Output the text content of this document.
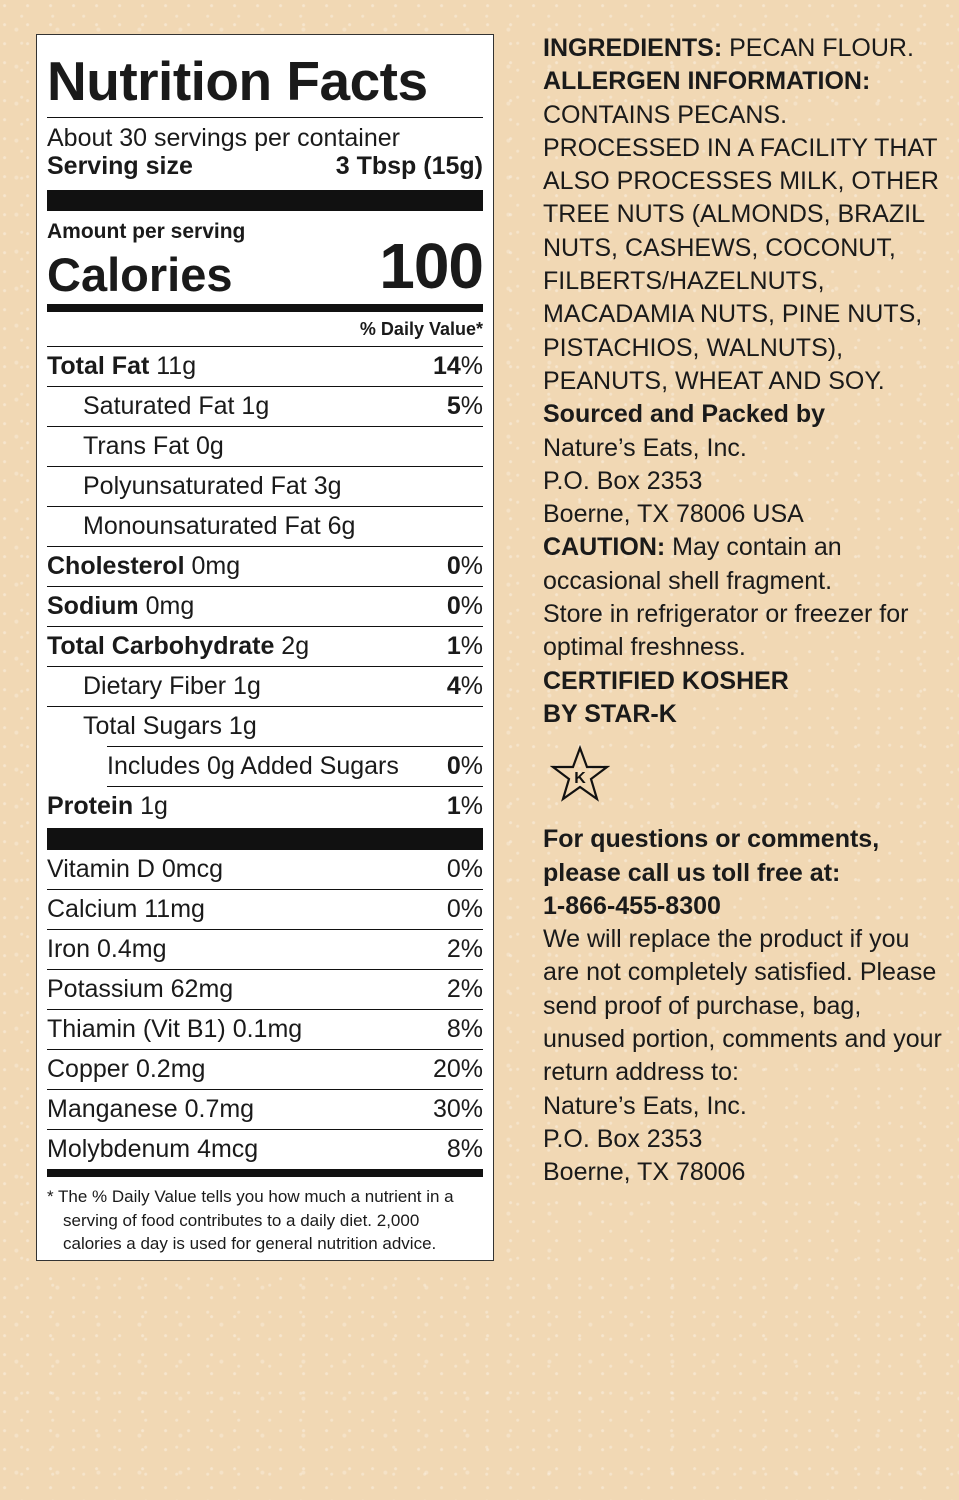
Nutrition Facts
About 30 servings per container
Serving size	3 Tbsp (15g)
Amount per serving
Calories 100
% Daily Value*
Total Fat 11g	14%
Saturated Fat 1g	5%
Trans Fat 0g
Polyunsaturated Fat 3g
Monounsaturated Fat 6g
Cholesterol 0mg	0%
Sodium 0mg	0%
Total Carbohydrate 2g	1%
Dietary Fiber 1g	4%
Total Sugars 1g
Includes 0g Added Sugars 0%
Protein 1g	1%
Vitamin D 0mcg	0%
Calcium 11mg	0%
Iron 0.4mg	2%
Potassium 62mg	2%
Thiamin (Vit B1) 0.1mg	8%
Copper 0.2mg	20%
Manganese 0.7mg	30%
Molybdenum 4mcg	8%
* The % Daily Value tells you how much a nutrient in a serving of food contributes to a daily diet. 2,000 calories a day is used for general nutrition advice.

INGREDIENTS: PECAN FLOUR.

ALLERGEN INFORMATION:

CONTAINS PECANS.

PROCESSED IN A FACILITY THAT ALSO PROCESSES MILK, OTHER TREE NUTS (ALMONDS, BRAZIL NUTS, CASHEWS, COCONUT, FILBERTS/HAZELNUTS, MACADAMIA NUTS, PINE NUTS, PISTACHIOS, WALNUTS), PEANUTS, WHEAT AND SOY.

Sourced and Packed by

Nature’s Eats, Inc.

P.O. Box 2353

Boerne, TX 78006 USA

CAUTION: May contain an occasional shell fragment.

Store in refrigerator or freezer for optimal freshness.

CERTIFIED KOSHER

BY STAR-K

K

For questions or comments,

please call us toll free at:

1-866-455-8300

We will replace the product if you are not completely satisfied. Please send proof of purchase, bag, unused portion, comments and your return address to:

Nature’s Eats, Inc.

P.O. Box 2353

Boerne, TX 78006
